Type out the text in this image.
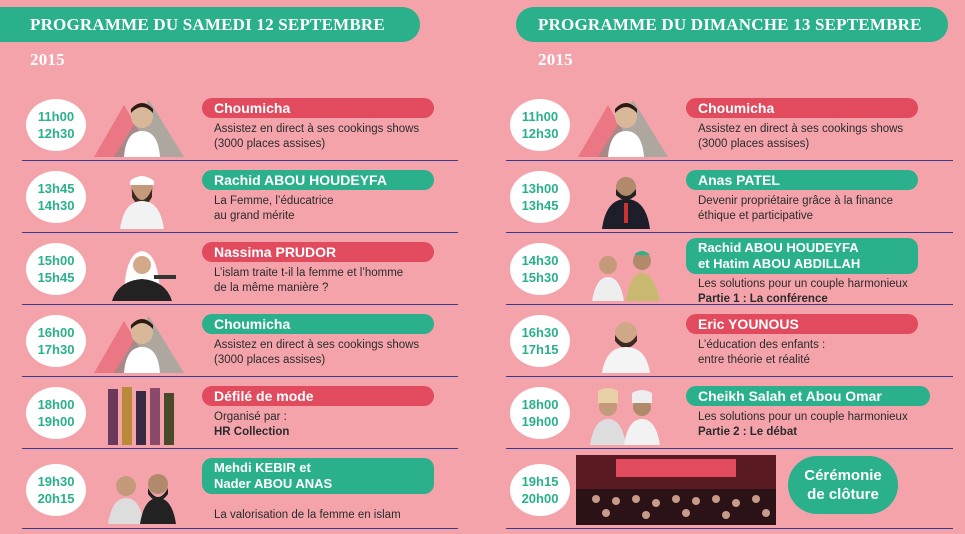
PROGRAMME DU SAMEDI 12 SEPTEMBRE 2015
11h00
12h30
Choumicha
Assistez en direct à ses cookings shows
(3000 places assises)
13h45
14h30
Rachid ABOU HOUDEYFA
La Femme, l’éducatrice
au grand mérite
15h00
15h45
Nassima PRUDOR
L’islam traite t-il la femme et l’homme
de la même manière ?
16h00
17h30
Choumicha
Assistez en direct à ses cookings shows
(3000 places assises)
18h00
19h00
Défilé de mode
Organisé par :
HR Collection
19h30
20h15
Mehdi KEBIR et
Nader ABOU ANAS
La valorisation de la femme en islam
PROGRAMME DU DIMANCHE 13 SEPTEMBRE 2015
11h00
12h30
Choumicha
Assistez en direct à ses cookings shows
(3000 places assises)
13h00
13h45
Anas PATEL
Devenir propriétaire grâce à la finance
éthique et participative
14h30
15h30
Rachid ABOU HOUDEYFA
et Hatim ABOU ABDILLAH
Les solutions pour un couple harmonieux
Partie 1 : La conférence
16h30
17h15
Eric YOUNOUS
L’éducation des enfants :
entre théorie et réalité
18h00
19h00
Cheikh Salah et Abou Omar
Les solutions pour un couple harmonieux
Partie 2 : Le débat
19h15
20h00
Cérémonie
de clôture
